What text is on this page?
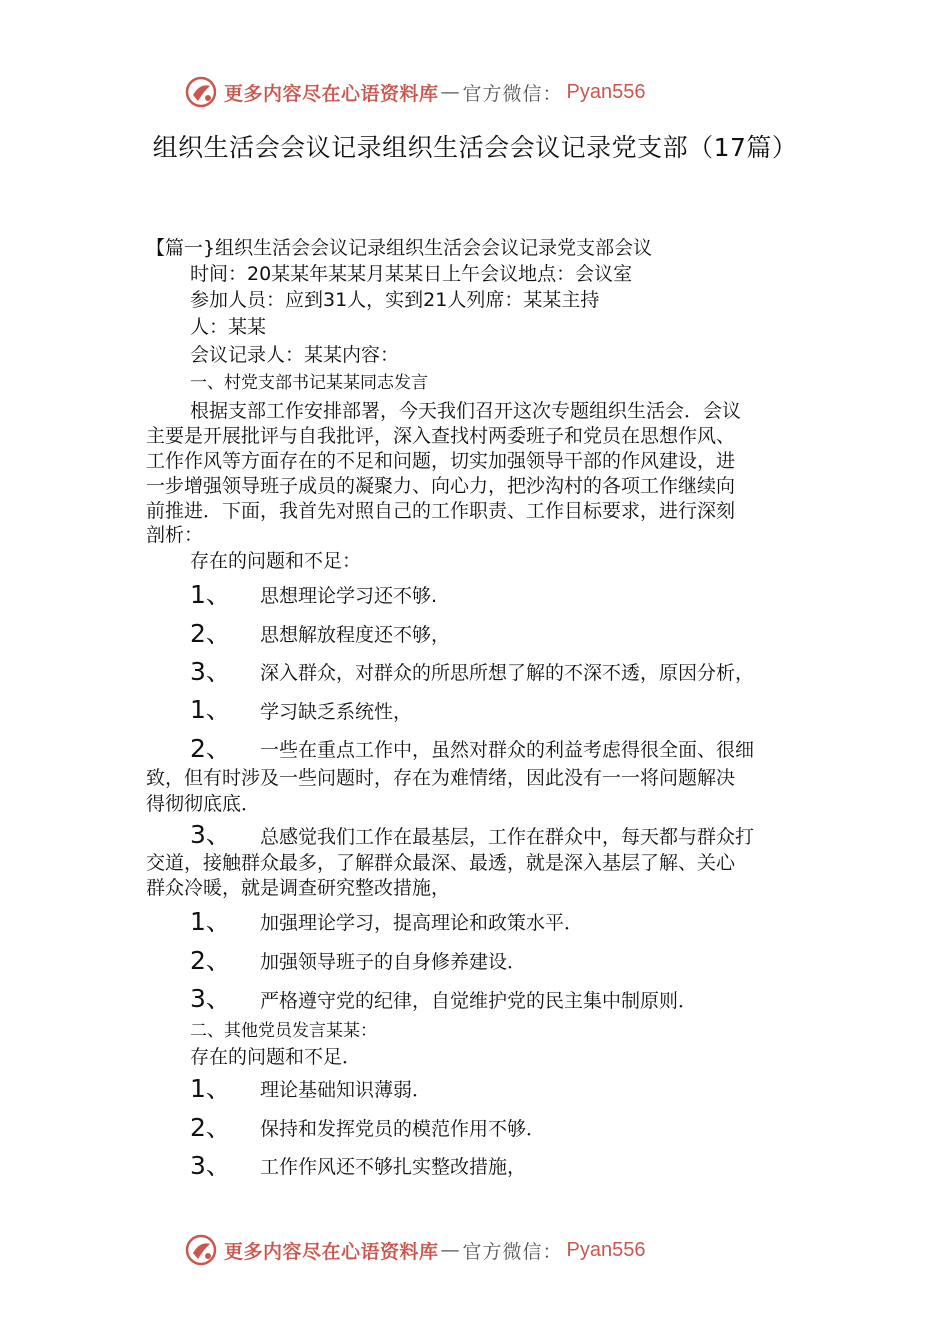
更多内容尽在心语资料库 — 官方微信： Pyan556
组织生活会会议记录组织生活会会议记录党支部（17篇）
【篇一}组织生活会会议记录组织生活会会议记录党支部会议
时间：20某某年某某月某某日上午会议地点：会议室
参加人员：应到31人，实到21人列席：某某主持
人：某某
会议记录人：某某内容：
一、村党支部书记某某同志发言
根据支部工作安排部署，今天我们召开这次专题组织生活会．会议
主要是开展批评与自我批评，深入查找村两委班子和党员在思想作风、
工作作风等方面存在的不足和问题，切实加强领导干部的作风建设，进
一步增强领导班子成员的凝聚力、向心力，把沙沟村的各项工作继续向
前推进．下面，我首先对照自己的工作职责、工作目标要求，进行深刻
剖析：
存在的问题和不足：
1、 思想理论学习还不够.
2、 思想解放程度还不够，
3、 深入群众，对群众的所思所想了解的不深不透，原因分析，
1、 学习缺乏系统性，
2、 一些在重点工作中，虽然对群众的利益考虑得很全面、很细
致，但有时涉及一些问题时，存在为难情绪，因此没有一一将问题解决
得彻彻底底．
3、 总感觉我们工作在最基层，工作在群众中，每天都与群众打
交道，接触群众最多，了解群众最深、最透，就是深入基层了解、关心
群众冷暖，就是调查研究整改措施，
1、 加强理论学习，提高理论和政策水平．
2、 加强领导班子的自身修养建设．
3、 严格遵守党的纪律，自觉维护党的民主集中制原则．
二、其他党员发言某某：
存在的问题和不足．
1、 理论基础知识薄弱．
2、 保持和发挥党员的模范作用不够．
3、 工作作风还不够扎实整改措施，
更多内容尽在心语资料库 — 官方微信： Pyan556
